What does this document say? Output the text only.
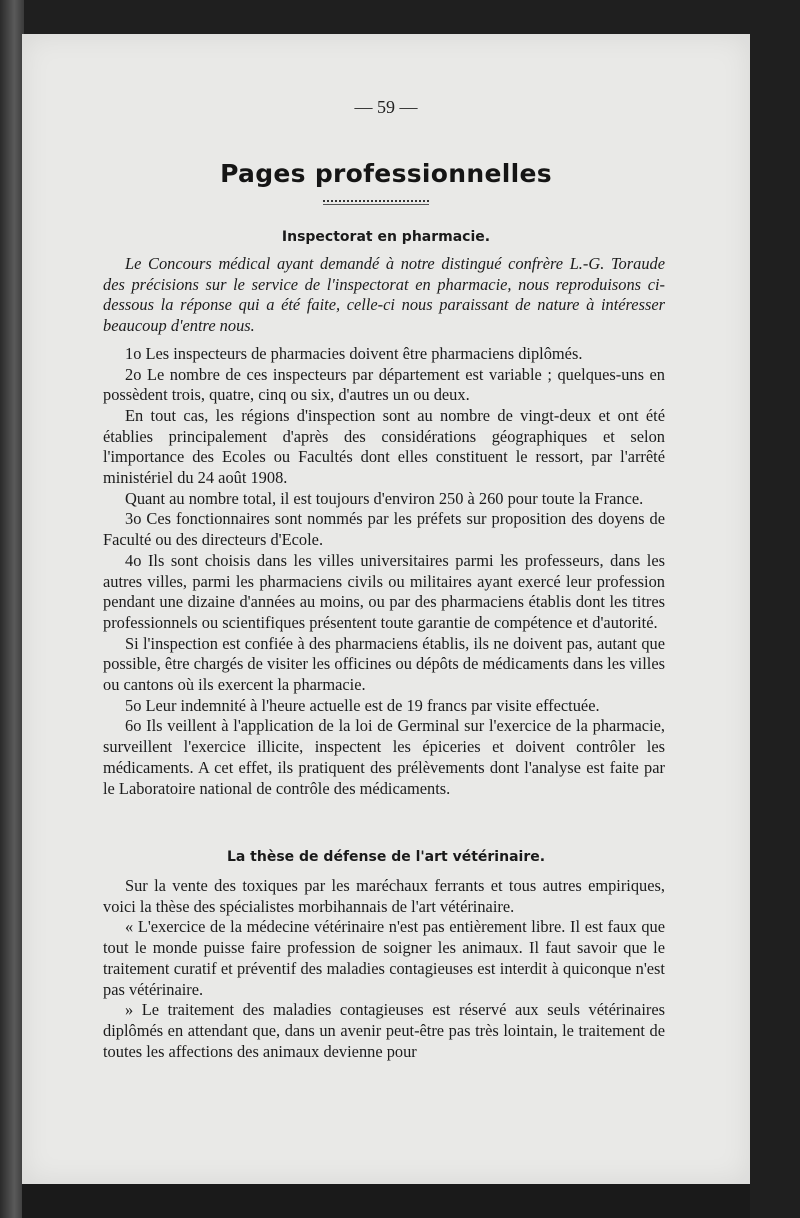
— 59 —
Pages professionnelles
Inspectorat en pharmacie.

Le Concours médical ayant demandé à notre distingué confrère L.-G. Toraude des précisions sur le service de l'inspectorat en pharmacie, nous reproduisons ci-dessous la réponse qui a été faite, celle-ci nous paraissant de nature à intéresser beaucoup d'entre nous.

1o Les inspecteurs de pharmacies doivent être pharmaciens diplômés.

2o Le nombre de ces inspecteurs par département est variable ; quelques-uns en possèdent trois, quatre, cinq ou six, d'autres un ou deux.

En tout cas, les régions d'inspection sont au nombre de vingt-deux et ont été établies principalement d'après des considérations géographiques et selon l'importance des Ecoles ou Facultés dont elles constituent le ressort, par l'arrêté ministériel du 24 août 1908.

Quant au nombre total, il est toujours d'environ 250 à 260 pour toute la France.

3o Ces fonctionnaires sont nommés par les préfets sur proposition des doyens de Faculté ou des directeurs d'Ecole.

4o Ils sont choisis dans les villes universitaires parmi les professeurs, dans les autres villes, parmi les pharmaciens civils ou militaires ayant exercé leur profession pendant une dizaine d'années au moins, ou par des pharmaciens établis dont les titres professionnels ou scientifiques présentent toute garantie de compétence et d'autorité.

Si l'inspection est confiée à des pharmaciens établis, ils ne doivent pas, autant que possible, être chargés de visiter les officines ou dépôts de médicaments dans les villes ou cantons où ils exercent la pharmacie.

5o Leur indemnité à l'heure actuelle est de 19 francs par visite effectuée.

6o Ils veillent à l'application de la loi de Germinal sur l'exercice de la pharmacie, surveillent l'exercice illicite, inspectent les épiceries et doivent contrôler les médicaments. A cet effet, ils pratiquent des prélèvements dont l'analyse est faite par le Laboratoire national de contrôle des médicaments.

La thèse de défense de l'art vétérinaire.

Sur la vente des toxiques par les maréchaux ferrants et tous autres empiriques, voici la thèse des spécialistes morbihannais de l'art vétérinaire.

« L'exercice de la médecine vétérinaire n'est pas entièrement libre. Il est faux que tout le monde puisse faire profession de soigner les animaux. Il faut savoir que le traitement curatif et préventif des maladies contagieuses est interdit à quiconque n'est pas vétérinaire.

» Le traitement des maladies contagieuses est réservé aux seuls vétérinaires diplômés en attendant que, dans un avenir peut-être pas très lointain, le traitement de toutes les affections des animaux devienne pour
